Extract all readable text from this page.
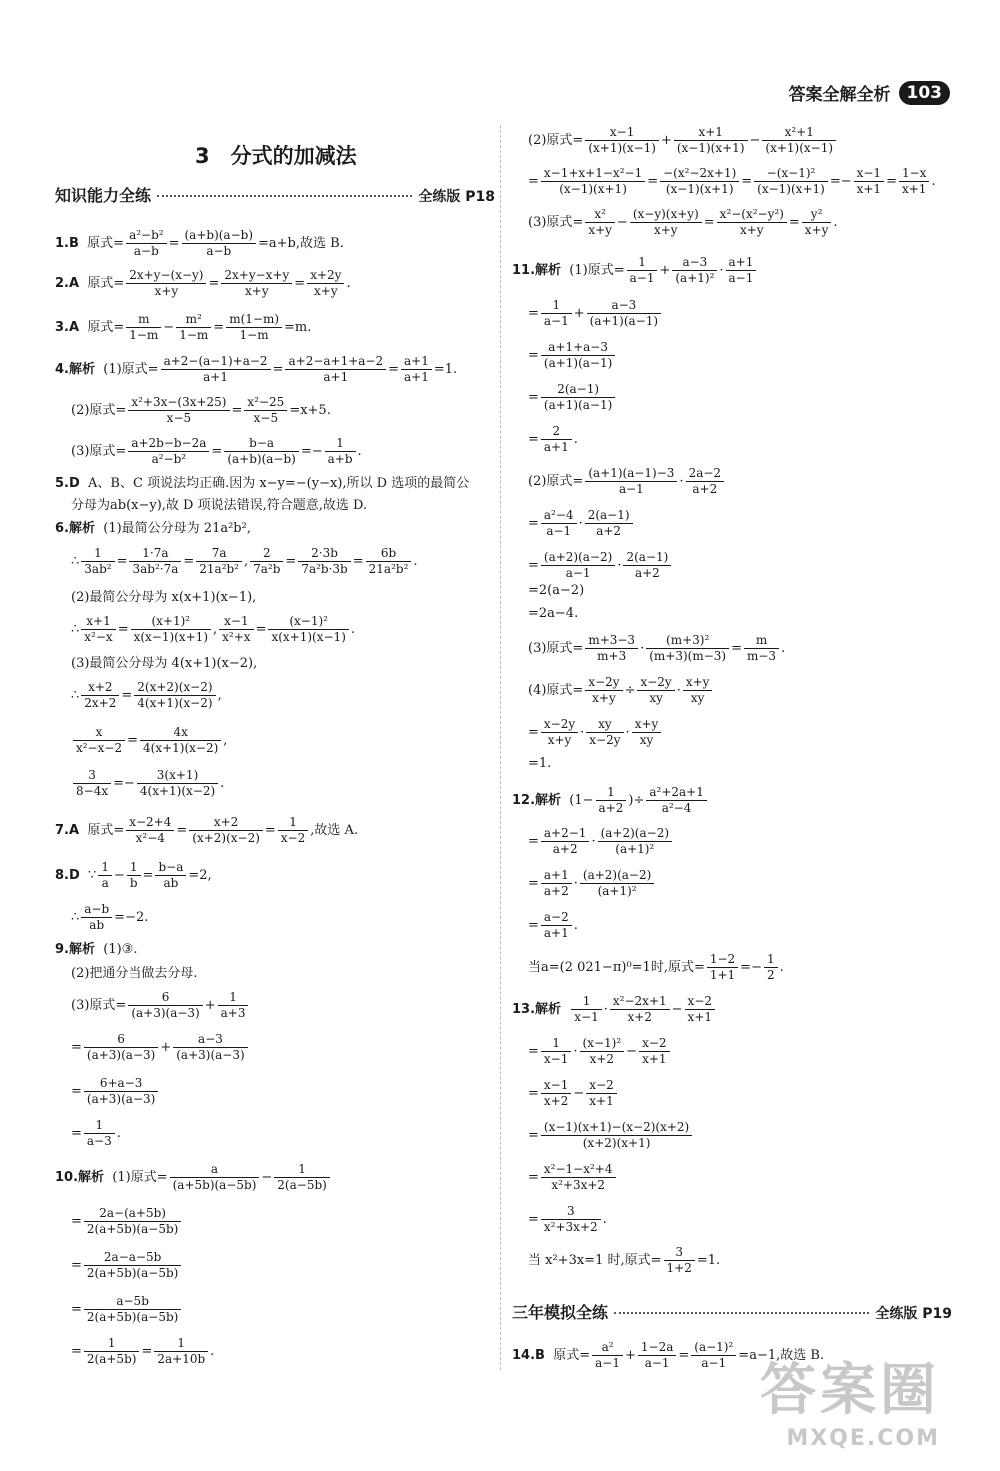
答案全解全析 103
3　分式的加减法
知识能力全练	全练版 P18
三年模拟全练	全练版 P19
1.B 原式= $\frac{\text{a²−b²}}{a-b} = \frac{(a+b)(a-b)}{a-b} =a+b$,故选 B.
2.A 原式= $\frac{2x+y-(x-y)}{x+y} = \frac{2x+y-x+y}{x+y} = \frac{x+2y}{x+y}$ .
3.A 原式= $\frac{m}{1-m} - \frac{\text{m²}}{1-m} = \frac{m(1-m)}{1-m} =m$.
4.解析 (1)原式= $\frac{a+2-(a-1)+a-2}{a+1} = \frac{a+2-a+1+a-2}{a+1} = \frac{a+1}{a+1} =1$.
(2)原式= $\frac{\text{x²+3x−(3x+25)}}{x-5} = \frac{\text{x²−25}}{x-5} =x+5$.
(3)原式= $\frac{a+2b-b-2a}{\text{a²−b²}} = \frac{b-a}{(a+b)(a-b)} =- \frac{1}{a+b}$ .
5.D A、B、C 项说法均正确.因为 x−y=−(y−x),所以 D 选项的最简公
分母为ab(x−y),故 D 项说法错误,符合题意,故选 D.
6.解析 (1)最简公分母为 21a²b²,
∴ $\frac{1}{\text{3ab²}} = \frac{1\cdot 7a}{\text{3ab²·7a}} = \frac{7a}{\text{21a²b²}}$ , $\frac{2}{\text{7a²b}} = \frac{2\cdot 3b}{\text{7a²b·3b}} = \frac{6b}{\text{21a²b²}}$ .
(2)最简公分母为 x(x+1)(x−1),
∴ $\frac{x+1}{\text{x²−x}} = \frac{\text{(x+1)²}}{x(x-1)(x+1)}$ , $\frac{x-1}{\text{x²+x}} = \frac{\text{(x−1)²}}{x(x+1)(x-1)}$ .
(3)最简公分母为 4(x+1)(x−2),
∴ $\frac{x+2}{2x+2} = \frac{2(x+2)(x-2)}{4(x+1)(x-2)}$ ,
$\frac{x}{\text{x²−x−2}} = \frac{4x}{4(x+1)(x-2)}$ ,
$\frac{3}{8-4x} =- \frac{3(x+1)}{4(x+1)(x-2)}$ .
7.A 原式= $\frac{x-2+4}{\text{x²−4}} = \frac{x+2}{(x+2)(x-2)} = \frac{1}{x-2}$ ,故选 A.
8.D ∵ $\frac{1}{a} - \frac{1}{b} = \frac{b-a}{ab} =2$,
∴ $\frac{a-b}{ab} =-2$.
9.解析 (1)③.
(2)把通分当做去分母.
(3)原式= $\frac{6}{(a+3)(a-3)} + \frac{1}{a+3}$
= $\frac{6}{(a+3)(a-3)} + \frac{a-3}{(a+3)(a-3)}$
= $\frac{6+a-3}{(a+3)(a-3)}$
= $\frac{1}{a-3}$ .
10.解析 (1)原式= $\frac{a}{(a+5b)(a-5b)} - \frac{1}{2(a-5b)}$
= $\frac{2a-(a+5b)}{2(a+5b)(a-5b)}$
= $\frac{2a-a-5b}{2(a+5b)(a-5b)}$
= $\frac{a-5b}{2(a+5b)(a-5b)}$
= $\frac{1}{2(a+5b)} = \frac{1}{2a+10b}$ .
(2)原式= $\frac{x-1}{(x+1)(x-1)} + \frac{x+1}{(x-1)(x+1)} - \frac{\text{x²+1}}{(x+1)(x-1)}$
= $\frac{\text{x−1+x+1−x²−1}}{(x-1)(x+1)} = \frac{\text{−(x²−2x+1)}}{(x-1)(x+1)} = \frac{\text{−(x−1)²}}{(x-1)(x+1)} =- \frac{x-1}{x+1} = \frac{1-x}{x+1}$ .
(3)原式= $\frac{\text{x²}}{x+y} - \frac{(x-y)(x+y)}{x+y} = \frac{\text{x²−(x²−y²)}}{x+y} = \frac{\text{y²}}{x+y}$ .
11.解析 (1)原式= $\frac{1}{a-1} + \frac{a-3}{\text{(a+1)²}} \cdot \frac{a+1}{a-1}$
= $\frac{1}{a-1} + \frac{a-3}{(a+1)(a-1)}$
= $\frac{a+1+a-3}{(a+1)(a-1)}$
= $\frac{2(a-1)}{(a+1)(a-1)}$
= $\frac{2}{a+1}$ .
(2)原式= $\frac{(a+1)(a-1)-3}{a-1} \cdot \frac{2a-2}{a+2}$
= $\frac{\text{a²−4}}{a-1} \cdot \frac{2(a-1)}{a+2}$
= $\frac{(a+2)(a-2)}{a-1} \cdot \frac{2(a-1)}{a+2}$
=2(a−2)
=2a−4.
(3)原式= $\frac{m+3-3}{m+3} \cdot \frac{\text{(m+3)²}}{(m+3)(m-3)} = \frac{m}{m-3}$ .
(4)原式= $\frac{x-2y}{x+y} \div \frac{x-2y}{xy} \cdot \frac{x+y}{xy}$
= $\frac{x-2y}{x+y} \cdot \frac{xy}{x-2y} \cdot \frac{x+y}{xy}$
=1.
12.解析 ($1- \frac{1}{a+2}$ )÷ $\frac{\text{a²+2a+1}}{\text{a²−4}}$
= $\frac{a+2-1}{a+2} \cdot \frac{(a+2)(a-2)}{\text{(a+1)²}}$
= $\frac{a+1}{a+2} \cdot \frac{(a+2)(a-2)}{\text{(a+1)²}}$
= $\frac{a-2}{a+1}$ .
当a=(2 021−π)⁰=1时,原式= $\frac{1-2}{1+1} =- \frac{1}{2}$ .
13.解析 $\frac{1}{x-1} \cdot \frac{\text{x²−2x+1}}{x+2} - \frac{x-2}{x+1}$
= $\frac{1}{x-1} \cdot \frac{\text{(x−1)²}}{x+2} - \frac{x-2}{x+1}$
= $\frac{x-1}{x+2} - \frac{x-2}{x+1}$
= $\frac{(x-1)(x+1)-(x-2)(x+2)}{(x+2)(x+1)}$
= $\frac{\text{x²−1−x²+4}}{\text{x²+3x+2}}$
= $\frac{3}{\text{x²+3x+2}}$ .
当 x²+3x=1 时,原式= $\frac{3}{1+2} =1$.
14.B 原式= $\frac{\text{a²}}{a-1} + \frac{1-2a}{a-1} = \frac{\text{(a−1)²}}{a-1} =a-1$,故选 B.
答案圈
MXQE.COM
